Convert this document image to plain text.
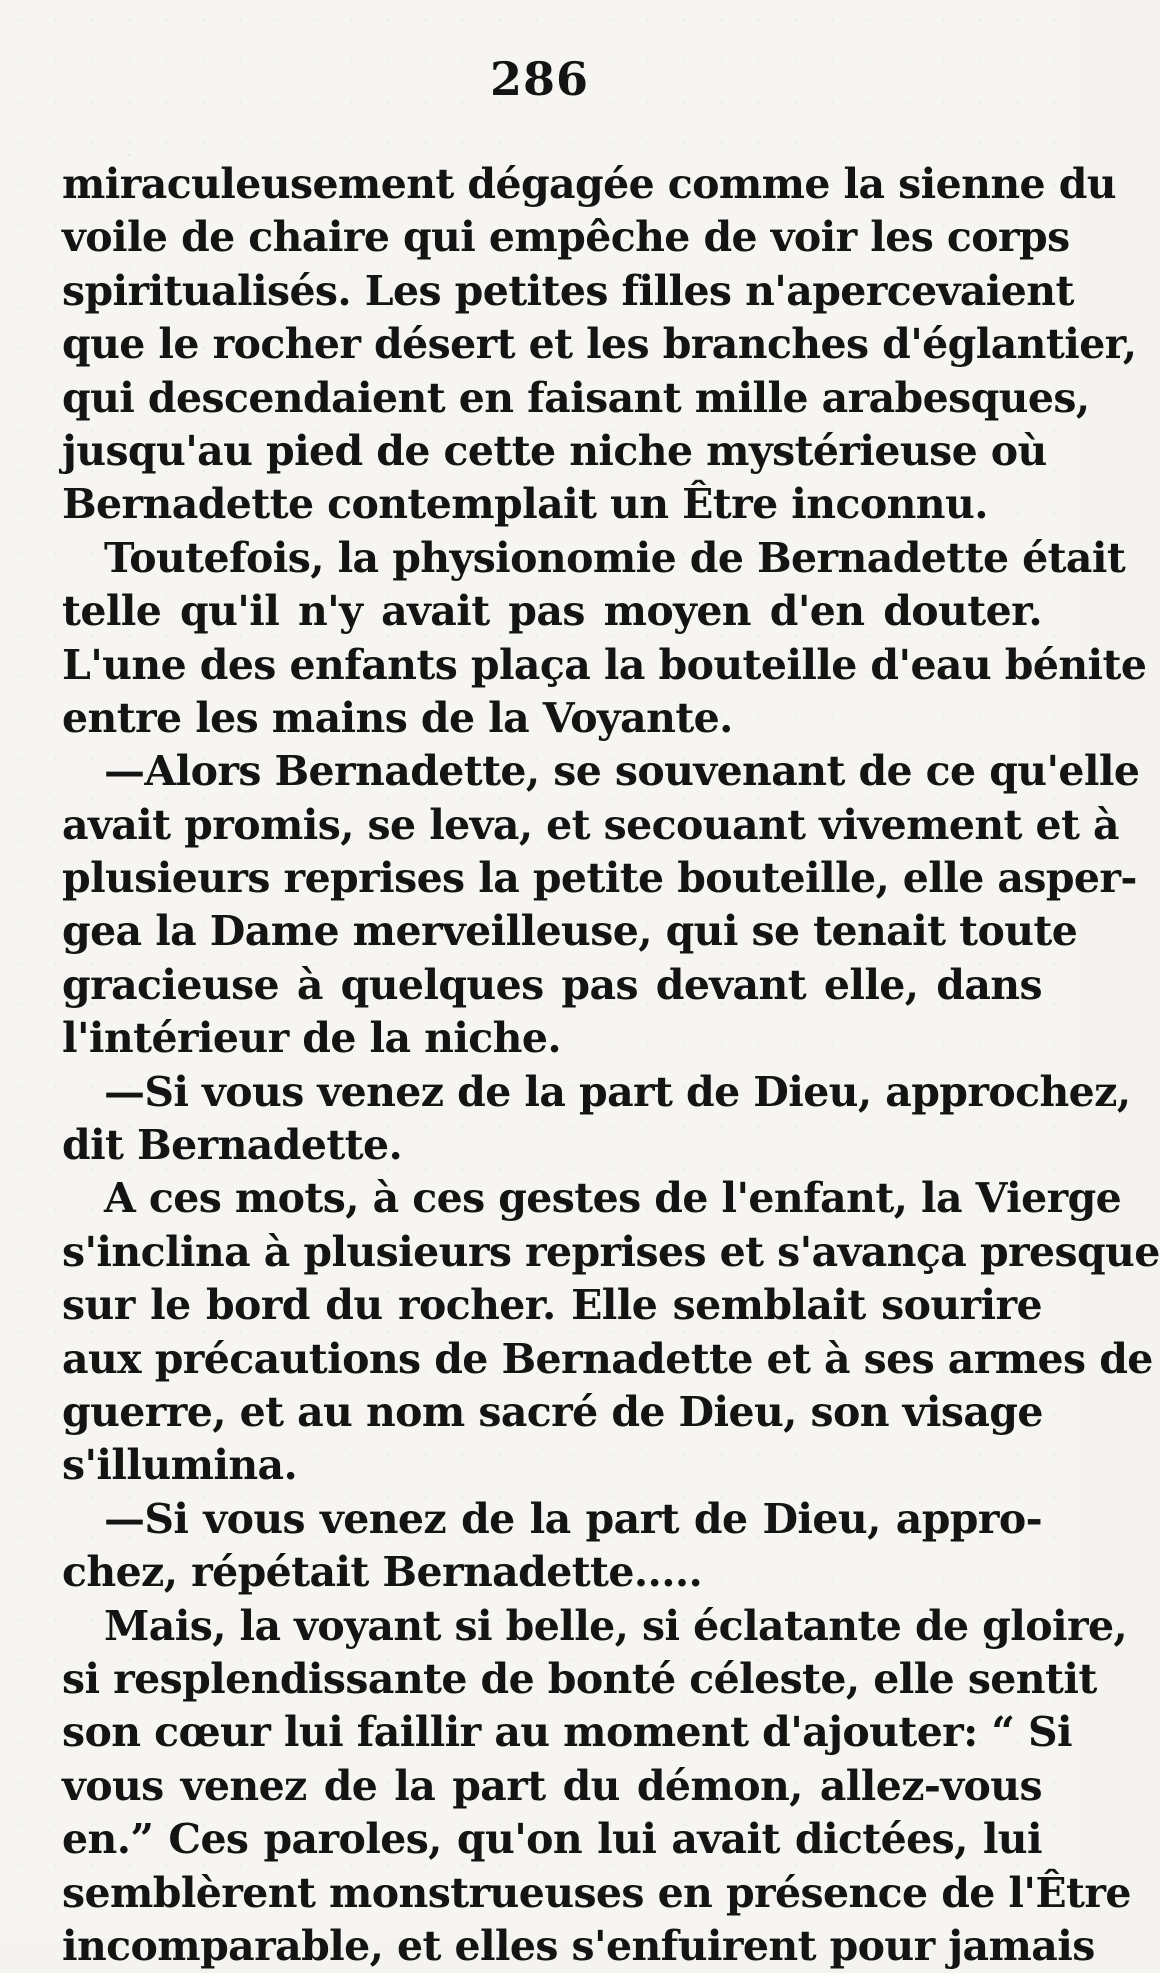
286
miraculeusement dégagée comme la sienne du
voile de chaire qui empêche de voir les corps
spiritualisés. Les petites filles n'apercevaient
que le rocher désert et les branches d'églantier,
qui descendaient en faisant mille arabesques,
jusqu'au pied de cette niche mystérieuse où
Bernadette contemplait un Être inconnu.
Toutefois, la physionomie de Bernadette était
telle qu'il n'y avait pas moyen d'en douter.
L'une des enfants plaça la bouteille d'eau bénite
entre les mains de la Voyante.
—Alors Bernadette, se souvenant de ce qu'elle
avait promis, se leva, et secouant vivement et à
plusieurs reprises la petite bouteille, elle asper-
gea la Dame merveilleuse, qui se tenait toute
gracieuse à quelques pas devant elle, dans
l'intérieur de la niche.
—Si vous venez de la part de Dieu, approchez,
dit Bernadette.
A ces mots, à ces gestes de l'enfant, la Vierge
s'inclina à plusieurs reprises et s'avança presque
sur le bord du rocher. Elle semblait sourire
aux précautions de Bernadette et à ses armes de
guerre, et au nom sacré de Dieu, son visage
s'illumina.
—Si vous venez de la part de Dieu, appro-
chez, répétait Bernadette.....
Mais, la voyant si belle, si éclatante de gloire,
si resplendissante de bonté céleste, elle sentit
son cœur lui faillir au moment d'ajouter: “ Si
vous venez de la part du démon, allez-vous
en.” Ces paroles, qu'on lui avait dictées, lui
semblèrent monstrueuses en présence de l'Être
incomparable, et elles s'enfuirent pour jamais
